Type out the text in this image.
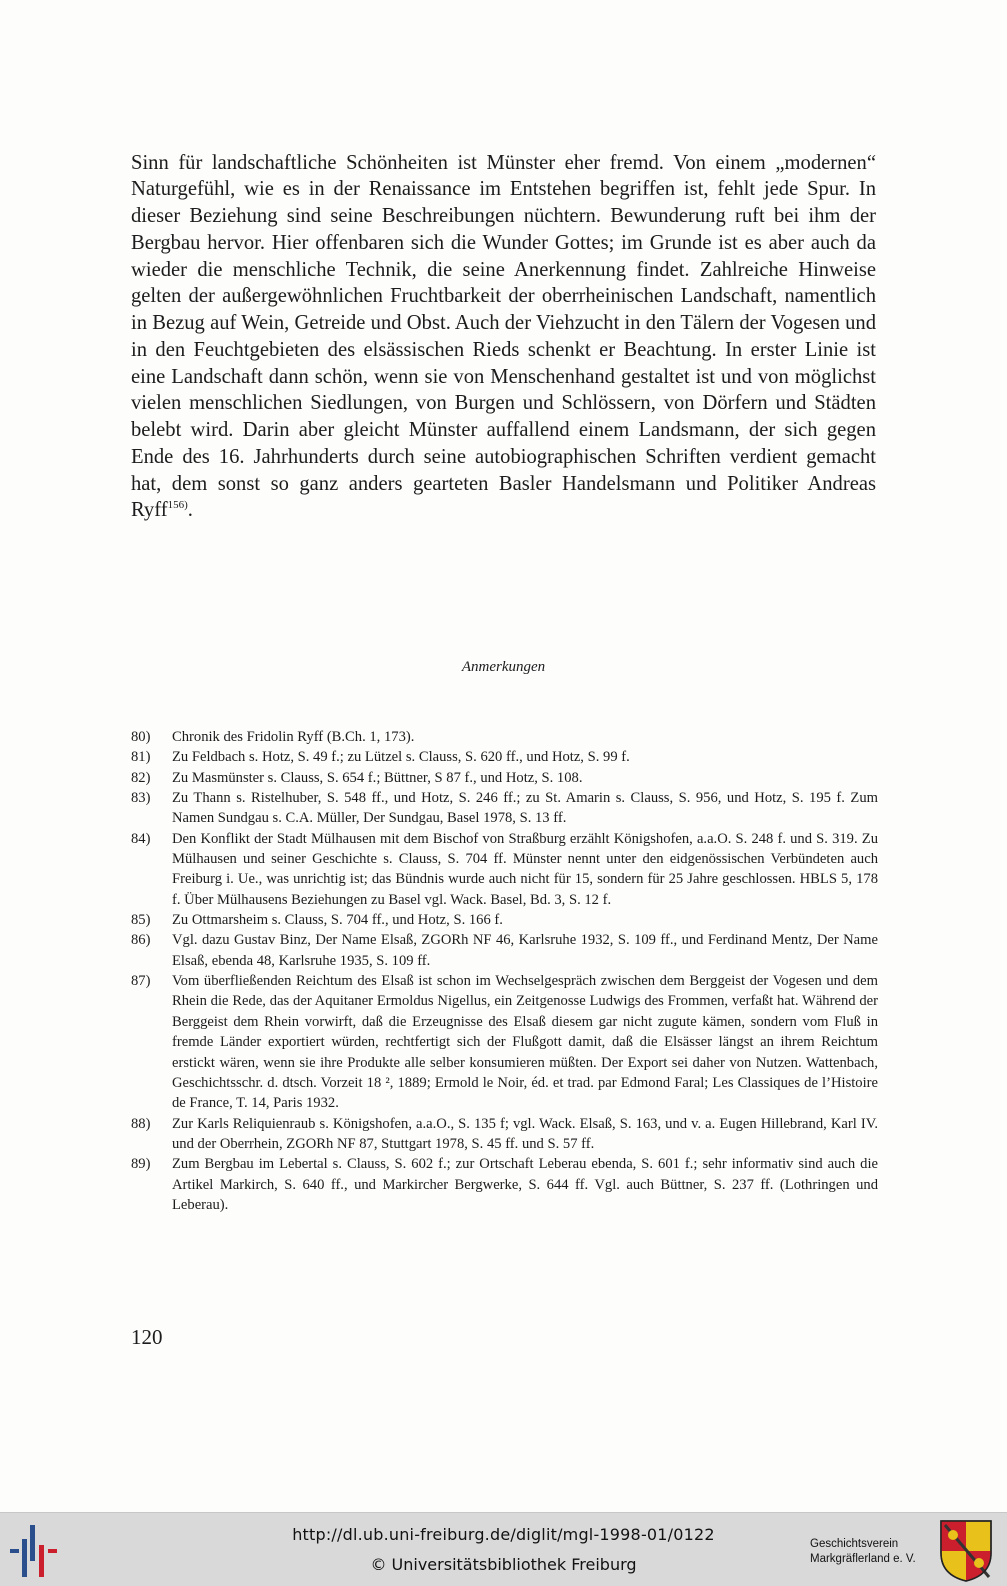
Sinn für landschaftliche Schönheiten ist Münster eher fremd. Von einem „modernen“ Naturgefühl, wie es in der Renaissance im Entstehen begriffen ist, fehlt jede Spur. In dieser Beziehung sind seine Beschreibungen nüchtern. Bewunderung ruft bei ihm der Bergbau hervor. Hier offenbaren sich die Wunder Gottes; im Grunde ist es aber auch da wieder die menschliche Technik, die seine Anerkennung findet. Zahlreiche Hinweise gelten der außergewöhnlichen Fruchtbarkeit der oberrheinischen Landschaft, namentlich in Bezug auf Wein, Getreide und Obst. Auch der Viehzucht in den Tälern der Vogesen und in den Feuchtgebieten des elsässischen Rieds schenkt er Beachtung. In erster Linie ist eine Landschaft dann schön, wenn sie von Menschenhand gestaltet ist und von möglichst vielen menschlichen Siedlungen, von Burgen und Schlössern, von Dörfern und Städten belebt wird. Darin aber gleicht Münster auffallend einem Landsmann, der sich gegen Ende des 16. Jahrhunderts durch seine autobiographischen Schriften verdient gemacht hat, dem sonst so ganz anders gearteten Basler Handelsmann und Politiker Andreas Ryff$^{156)}$.

Anmerkungen
80)	Chronik des Fridolin Ryff (B.Ch. 1, 173).
81)	Zu Feldbach s. Hotz, S. 49 f.; zu Lützel s. Clauss, S. 620 ff., und Hotz, S. 99 f.
82)	Zu Masmünster s. Clauss, S. 654 f.; Büttner, S 87 f., und Hotz, S. 108.
83)	Zu Thann s. Ristelhuber, S. 548 ff., und Hotz, S. 246 ff.; zu St. Amarin s. Clauss, S. 956, und Hotz, S. 195 f. Zum Namen Sundgau s. C.A. Müller, Der Sundgau, Basel 1978, S. 13 ff.
84)	Den Konflikt der Stadt Mülhausen mit dem Bischof von Straßburg erzählt Königshofen, a.a.O. S. 248 f. und S. 319. Zu Mülhausen und seiner Geschichte s. Clauss, S. 704 ff. Münster nennt unter den eidgenössischen Verbündeten auch Freiburg i. Ue., was unrichtig ist; das Bündnis wurde auch nicht für 15, sondern für 25 Jahre geschlossen. HBLS 5, 178 f. Über Mülhausens Beziehungen zu Basel vgl. Wack. Basel, Bd. 3, S. 12 f.
85)	Zu Ottmarsheim s. Clauss, S. 704 ff., und Hotz, S. 166 f.
86)	Vgl. dazu Gustav Binz, Der Name Elsaß, ZGORh NF 46, Karlsruhe 1932, S. 109 ff., und Ferdinand Mentz, Der Name Elsaß, ebenda 48, Karlsruhe 1935, S. 109 ff.
87)	Vom überfließenden Reichtum des Elsaß ist schon im Wechselgespräch zwischen dem Berggeist der Vogesen und dem Rhein die Rede, das der Aquitaner Ermoldus Nigellus, ein Zeitgenosse Ludwigs des Frommen, verfaßt hat. Während der Berggeist dem Rhein vorwirft, daß die Erzeugnisse des Elsaß diesem gar nicht zugute kämen, sondern vom Fluß in fremde Länder exportiert würden, rechtfertigt sich der Flußgott damit, daß die Elsässer längst an ihrem Reichtum erstickt wären, wenn sie ihre Produkte alle selber konsumieren müßten. Der Export sei daher von Nutzen. Wattenbach, Geschichtsschr. d. dtsch. Vorzeit 18 ², 1889; Ermold le Noir, éd. et trad. par Edmond Faral; Les Classiques de l’Histoire de France, T. 14, Paris 1932.
88)	Zur Karls Reliquienraub s. Königshofen, a.a.O., S. 135 f; vgl. Wack. Elsaß, S. 163, und v. a. Eugen Hillebrand, Karl IV. und der Oberrhein, ZGORh NF 87, Stuttgart 1978, S. 45 ff. und S. 57 ff.
89)	Zum Bergbau im Lebertal s. Clauss, S. 602 f.; zur Ortschaft Leberau ebenda, S. 601 f.; sehr informativ sind auch die Artikel Markirch, S. 640 ff., und Markircher Bergwerke, S. 644 ff. Vgl. auch Büttner, S. 237 ff. (Lothringen und Leberau).
120
http://dl.ub.uni-freiburg.de/diglit/mgl-1998-01/0122
© Universitätsbibliothek Freiburg
Geschichtsverein
Markgräflerland e. V.
